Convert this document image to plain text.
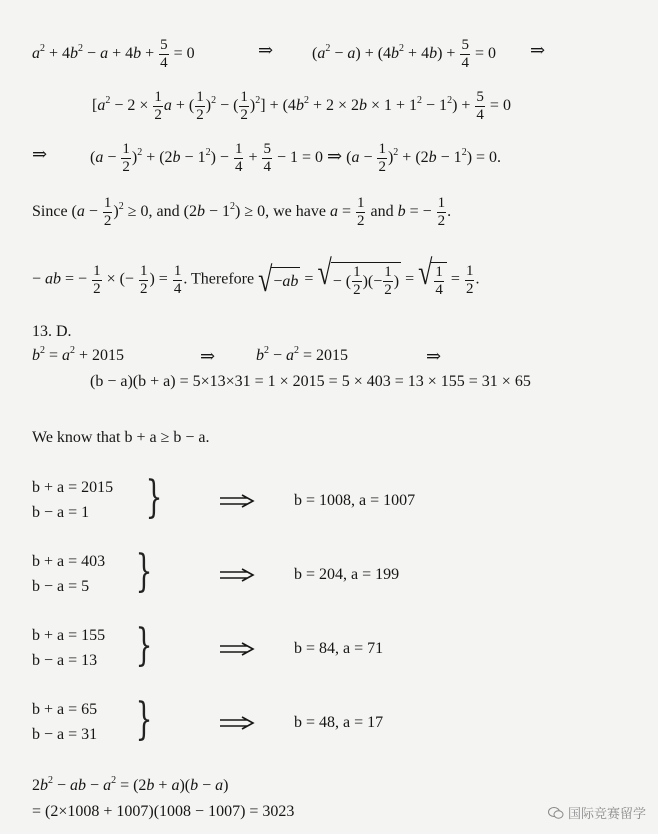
$a^2 + 4b^2 - a + 4b + \frac{5}{4} = 0$	⇒ $(a^2 - a) + (4b^2 + 4b) + \frac{5}{4} = 0$ ⇒
[$a^2 - 2 \times \frac{1}{2}$ a + ( $\frac{1}{2} )^2$ − ( $\frac{1}{2} )^2] + (4b^2 + 2 \times 2b \times 1 + 1^2 - 1^2) + \frac{5}{4} = 0$
⇒	$(a - \frac{1}{2} )^2 + (2b - 1^2) - \frac{1}{4} + \frac{5}{4} - 1 = 0$ ⇒ $(a - \frac{1}{2} )^2 + (2b - 1^2) = 0$.
Since $(a - \frac{1}{2} )^2 \ge 0$, and $(2b - 1^2) \ge 0$, we have $a = \frac{1}{2}$ and b = − $\frac{1}{2}$ .
− ab = − $\frac{1}{2}$ × (− $\frac{1}{2}$ ) = $\frac{1}{4}$ . Therefore √ − ab = √ − ( $\frac{1}{2}$ )(− $\frac{1}{2}$ ) = √ $\frac{1}{4} = \frac{1}{2}$ .
13. D.
$b^2 = a^2 + 2015$	⇒	$b^2 - a^2 = 2015$	⇒
(b − a)(b + a) = 5×13×31 = 1 × 2015 = 5 × 403 = 13 × 155 = 31 × 65
We know that b + a ≥ b − a.
b + a = 2015
b − a = 1 }	b = 1008, a = 1007
b + a = 403
b − a = 5 }	b = 204, a = 199
b + a = 155
b − a = 13 }	b = 84, a = 71
b + a = 65
b − a = 31 }	b = 48, a = 17
$2b^2$ − ab − $a^2 = (2b + a)(b - a)$
= (2×1008 + 1007)(1008 − 1007) = 3023	国际竞赛留学
